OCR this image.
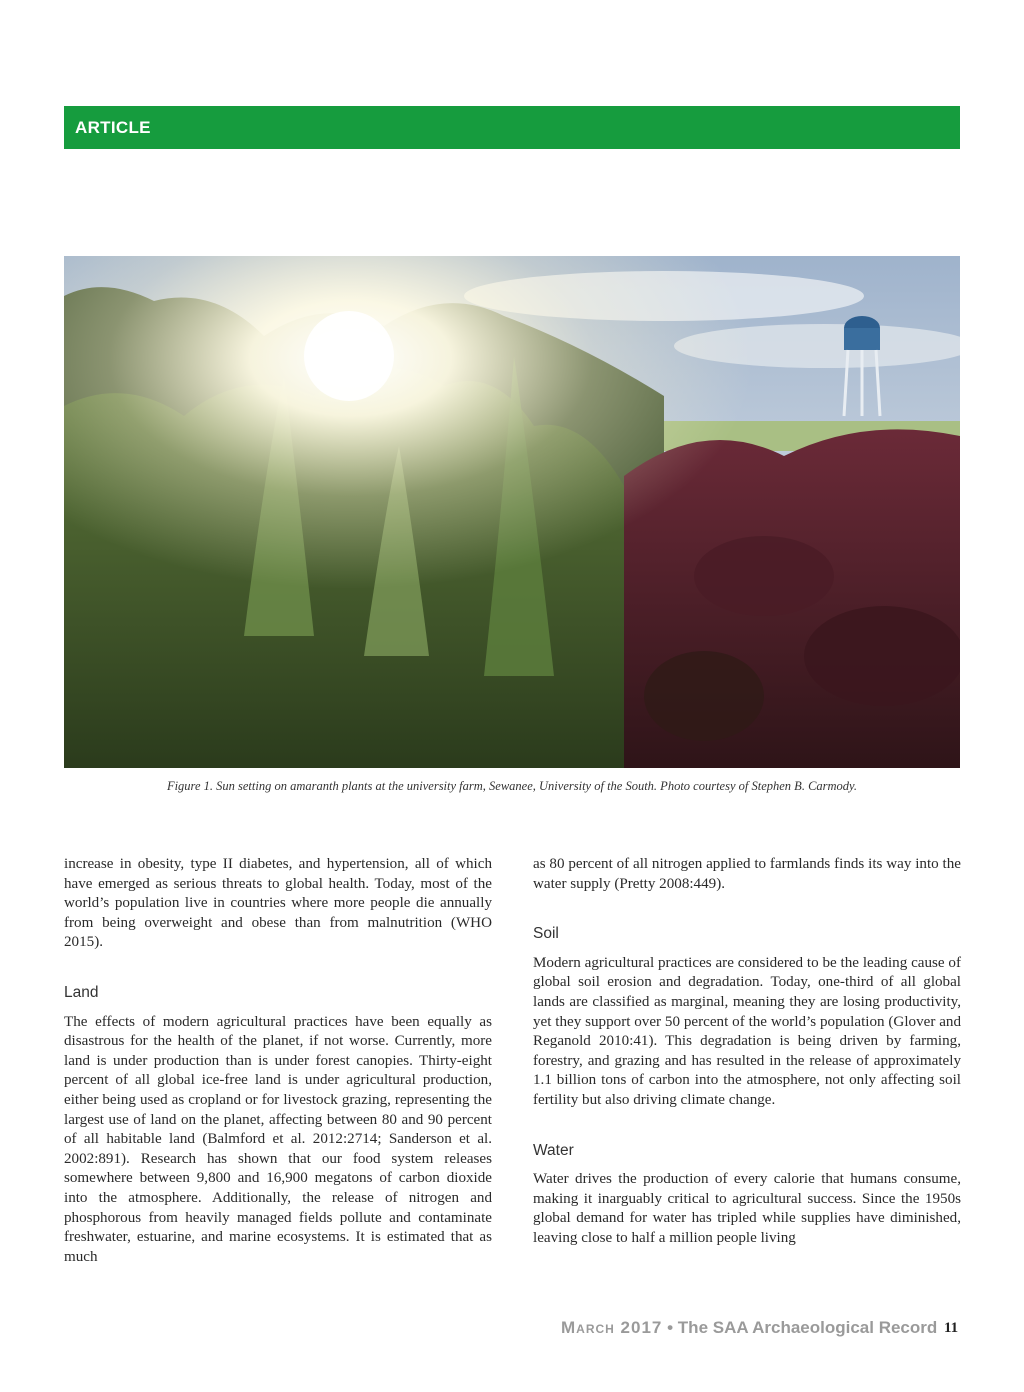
ARTICLE
Figure 1. Sun setting on amaranth plants at the university farm, Sewanee, University of the South. Photo courtesy of Stephen B. Carmody.

increase in obesity, type II diabetes, and hypertension, all of which have emerged as serious threats to global health. Today, most of the world’s population live in countries where more people die annually from being overweight and obese than from malnutrition (WHO 2015).

Land

The effects of modern agricultural practices have been equally as disastrous for the health of the planet, if not worse. Currently, more land is under production than is under forest canopies. Thirty-eight percent of all global ice-free land is under agricultural production, either being used as cropland or for livestock grazing, representing the largest use of land on the planet, affecting between 80 and 90 percent of all habitable land (Balmford et al. 2012:2714; Sanderson et al. 2002:891). Research has shown that our food system releases somewhere between 9,800 and 16,900 megatons of carbon dioxide into the atmosphere. Additionally, the release of nitrogen and phosphorous from heavily managed fields pollute and contaminate freshwater, estuarine, and marine ecosystems. It is estimated that as much

as 80 percent of all nitrogen applied to farmlands finds its way into the water supply (Pretty 2008:449).

Soil

Modern agricultural practices are considered to be the leading cause of global soil erosion and degradation. Today, one-third of all global lands are classified as marginal, meaning they are losing productivity, yet they support over 50 percent of the world’s population (Glover and Reganold 2010:41). This degradation is being driven by farming, forestry, and grazing and has resulted in the release of approximately 1.1 billion tons of carbon into the atmosphere, not only affecting soil fertility but also driving climate change.

Water

Water drives the production of every calorie that humans consume, making it inarguably critical to agricultural success. Since the 1950s global demand for water has tripled while supplies have diminished, leaving close to half a million people living

March 2017 • The SAA Archaeological Record 11
